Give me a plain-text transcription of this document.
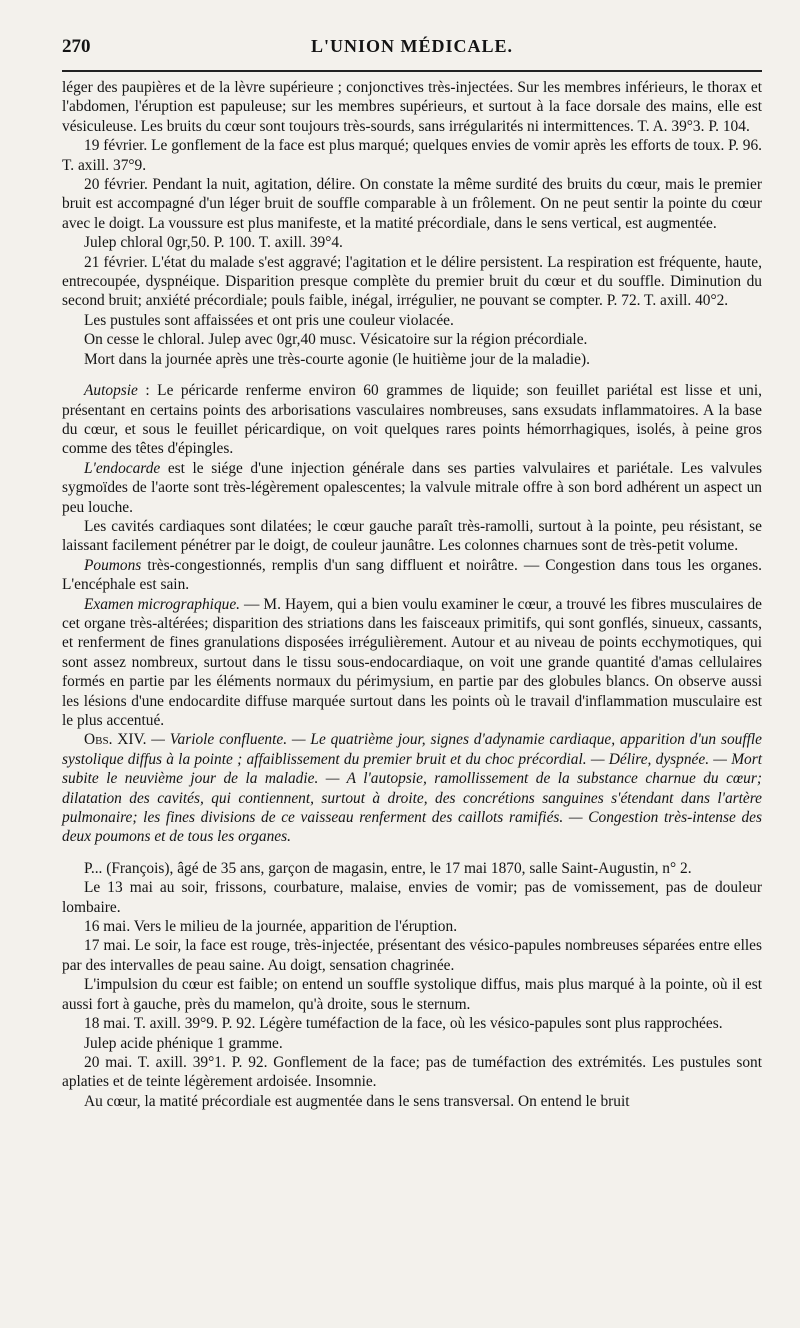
270	L'UNION MÉDICALE.

léger des paupières et de la lèvre supérieure ; conjonctives très-injectées. Sur les membres inférieurs, le thorax et l'abdomen, l'éruption est papuleuse; sur les membres supérieurs, et surtout à la face dorsale des mains, elle est vésiculeuse. Les bruits du cœur sont toujours très-sourds, sans irrégularités ni intermittences. T. A. 39°3. P. 104.

19 février. Le gonflement de la face est plus marqué; quelques envies de vomir après les efforts de toux. P. 96. T. axill. 37°9.

20 février. Pendant la nuit, agitation, délire. On constate la même surdité des bruits du cœur, mais le premier bruit est accompagné d'un léger bruit de souffle comparable à un frôlement. On ne peut sentir la pointe du cœur avec le doigt. La voussure est plus manifeste, et la matité précordiale, dans le sens vertical, est augmentée.

Julep chloral 0gr,50. P. 100. T. axill. 39°4.

21 février. L'état du malade s'est aggravé; l'agitation et le délire persistent. La respiration est fréquente, haute, entrecoupée, dyspnéique. Disparition presque complète du premier bruit du cœur et du souffle. Diminution du second bruit; anxiété précordiale; pouls faible, inégal, irrégulier, ne pouvant se compter. P. 72. T. axill. 40°2.

Les pustules sont affaissées et ont pris une couleur violacée.

On cesse le chloral. Julep avec 0gr,40 musc. Vésicatoire sur la région précordiale.

Mort dans la journée après une très-courte agonie (le huitième jour de la maladie).

Autopsie : Le péricarde renferme environ 60 grammes de liquide; son feuillet pariétal est lisse et uni, présentant en certains points des arborisations vasculaires nombreuses, sans exsudats inflammatoires. A la base du cœur, et sous le feuillet péricardique, on voit quelques rares points hémorrhagiques, isolés, à peine gros comme des têtes d'épingles.

L'endocarde est le siége d'une injection générale dans ses parties valvulaires et pariétale. Les valvules sygmoïdes de l'aorte sont très-légèrement opalescentes; la valvule mitrale offre à son bord adhérent un aspect un peu louche.

Les cavités cardiaques sont dilatées; le cœur gauche paraît très-ramolli, surtout à la pointe, peu résistant, se laissant facilement pénétrer par le doigt, de couleur jaunâtre. Les colonnes charnues sont de très-petit volume.

Poumons très-congestionnés, remplis d'un sang diffluent et noirâtre. — Congestion dans tous les organes. L'encéphale est sain.

Examen micrographique. — M. Hayem, qui a bien voulu examiner le cœur, a trouvé les fibres musculaires de cet organe très-altérées; disparition des striations dans les faisceaux primitifs, qui sont gonflés, sinueux, cassants, et renferment de fines granulations disposées irrégulièrement. Autour et au niveau de points ecchymotiques, qui sont assez nombreux, surtout dans le tissu sous-endocardiaque, on voit une grande quantité d'amas cellulaires formés en partie par les éléments normaux du périmysium, en partie par des globules blancs. On observe aussi les lésions d'une endocardite diffuse marquée surtout dans les points où le travail d'inflammation musculaire est le plus accentué.

Obs. XIV. — Variole confluente. — Le quatrième jour, signes d'adynamie cardiaque, apparition d'un souffle systolique diffus à la pointe ; affaiblissement du premier bruit et du choc précordial. — Délire, dyspnée. — Mort subite le neuvième jour de la maladie. — A l'autopsie, ramollissement de la substance charnue du cœur; dilatation des cavités, qui contiennent, surtout à droite, des concrétions sanguines s'étendant dans l'artère pulmonaire; les fines divisions de ce vaisseau renferment des caillots ramifiés. — Congestion très-intense des deux poumons et de tous les organes.

P... (François), âgé de 35 ans, garçon de magasin, entre, le 17 mai 1870, salle Saint-Augustin, n° 2.

Le 13 mai au soir, frissons, courbature, malaise, envies de vomir; pas de vomissement, pas de douleur lombaire.

16 mai. Vers le milieu de la journée, apparition de l'éruption.

17 mai. Le soir, la face est rouge, très-injectée, présentant des vésico-papules nombreuses séparées entre elles par des intervalles de peau saine. Au doigt, sensation chagrinée.

L'impulsion du cœur est faible; on entend un souffle systolique diffus, mais plus marqué à la pointe, où il est aussi fort à gauche, près du mamelon, qu'à droite, sous le sternum.

18 mai. T. axill. 39°9. P. 92. Légère tuméfaction de la face, où les vésico-papules sont plus rapprochées.

Julep acide phénique 1 gramme.

20 mai. T. axill. 39°1. P. 92. Gonflement de la face; pas de tuméfaction des extrémités. Les pustules sont aplaties et de teinte légèrement ardoisée. Insomnie.

Au cœur, la matité précordiale est augmentée dans le sens transversal. On entend le bruit
